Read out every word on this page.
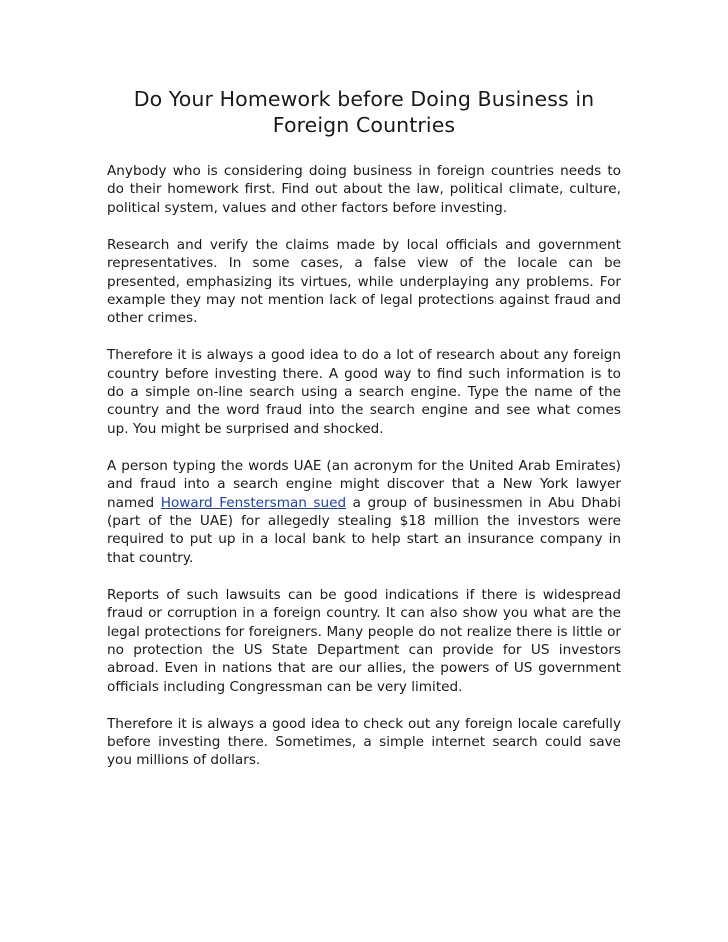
Do Your Homework before Doing Business in Foreign Countries

Anybody who is considering doing business in foreign countries needs to do their homework first. Find out about the law, political climate, culture, political system, values and other factors before investing.

Research and verify the claims made by local officials and government representatives. In some cases, a false view of the locale can be presented, emphasizing its virtues, while underplaying any problems. For example they may not mention lack of legal protections against fraud and other crimes.

Therefore it is always a good idea to do a lot of research about any foreign country before investing there. A good way to find such information is to do a simple on-line search using a search engine. Type the name of the country and the word fraud into the search engine and see what comes up. You might be surprised and shocked.

A person typing the words UAE (an acronym for the United Arab Emirates) and fraud into a search engine might discover that a New York lawyer named Howard Fenstersman sued a group of businessmen in Abu Dhabi (part of the UAE) for allegedly stealing $18 million the investors were required to put up in a local bank to help start an insurance company in that country.

Reports of such lawsuits can be good indications if there is widespread fraud or corruption in a foreign country. It can also show you what are the legal protections for foreigners. Many people do not realize there is little or no protection the US State Department can provide for US investors abroad. Even in nations that are our allies, the powers of US government officials including Congressman can be very limited.

Therefore it is always a good idea to check out any foreign locale carefully before investing there. Sometimes, a simple internet search could save you millions of dollars.
